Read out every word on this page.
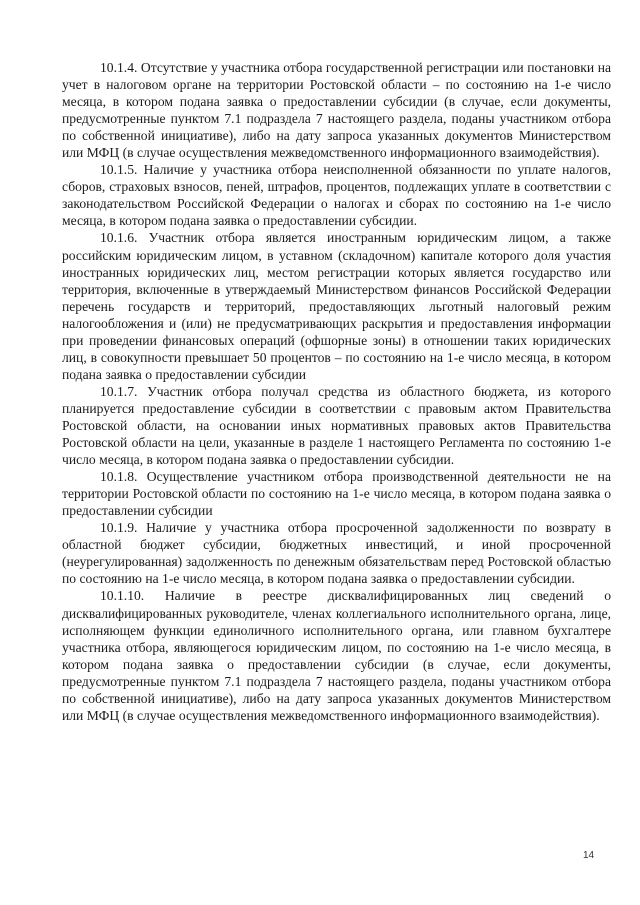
10.1.4. Отсутствие у участника отбора государственной регистрации или постановки на учет в налоговом органе на территории Ростовской области – по состоянию на 1-е число месяца, в котором подана заявка о предоставлении субсидии (в случае, если документы, предусмотренные пунктом 7.1 подраздела 7 настоящего раздела, поданы участником отбора по собственной инициативе), либо на дату запроса указанных документов Министерством или МФЦ (в случае осуществления межведомственного информационного взаимодействия).

10.1.5. Наличие у участника отбора неисполненной обязанности по уплате налогов, сборов, страховых взносов, пеней, штрафов, процентов, подлежащих уплате в соответствии с законодательством Российской Федерации о налогах и сборах по состоянию на 1-е число месяца, в котором подана заявка о предоставлении субсидии.

10.1.6. Участник отбора является иностранным юридическим лицом, а также российским юридическим лицом, в уставном (складочном) капитале которого доля участия иностранных юридических лиц, местом регистрации которых является государство или территория, включенные в утверждаемый Министерством финансов Российской Федерации перечень государств и территорий, предоставляющих льготный налоговый режим налогообложения и (или) не предусматривающих раскрытия и предоставления информации при проведении финансовых операций (офшорные зоны) в отношении таких юридических лиц, в совокупности превышает 50 процентов – по состоянию на 1-е число месяца, в котором подана заявка о предоставлении субсидии

10.1.7. Участник отбора получал средства из областного бюджета, из которого планируется предоставление субсидии в соответствии с правовым актом Правительства Ростовской области, на основании иных нормативных правовых актов Правительства Ростовской области на цели, указанные в разделе 1 настоящего Регламента по состоянию 1-е число месяца, в котором подана заявка о предоставлении субсидии.

10.1.8. Осуществление участником отбора производственной деятельности не на территории Ростовской области по состоянию на 1-е число месяца, в котором подана заявка о предоставлении субсидии

10.1.9. Наличие у участника отбора просроченной задолженности по возврату в областной бюджет субсидии, бюджетных инвестиций, и иной просроченной (неурегулированная) задолженность по денежным обязательствам перед Ростовской областью по состоянию на 1-е число месяца, в котором подана заявка о предоставлении субсидии.

10.1.10. Наличие в реестре дисквалифицированных лиц сведений о дисквалифицированных руководителе, членах коллегиального исполнительного органа, лице, исполняющем функции единоличного исполнительного органа, или главном бухгалтере участника отбора, являющегося юридическим лицом, по состоянию на 1-е число месяца, в котором подана заявка о предоставлении субсидии (в случае, если документы, предусмотренные пунктом 7.1 подраздела 7 настоящего раздела, поданы участником отбора по собственной инициативе), либо на дату запроса указанных документов Министерством или МФЦ (в случае осуществления межведомственного информационного взаимодействия).

14
